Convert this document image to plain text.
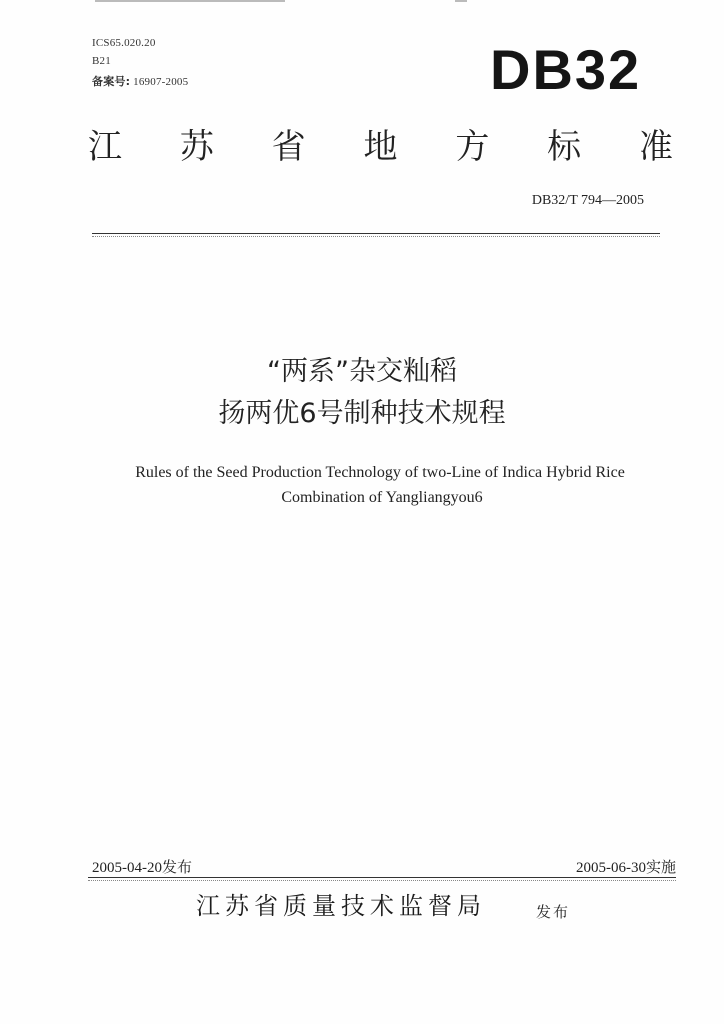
ICS65.020.20
B21
备案号: 16907-2005	DB32
江 苏 省 地 方 标 准
DB32/T 794—2005
“两系”杂交籼稻
扬两优6号制种技术规程
Rules of the Seed Production Technology of two-Line of Indica Hybrid Rice
Combination of Yangliangyou6
2005-04-20发布	2005-06-30实施
江苏省质量技术监督局	发布
